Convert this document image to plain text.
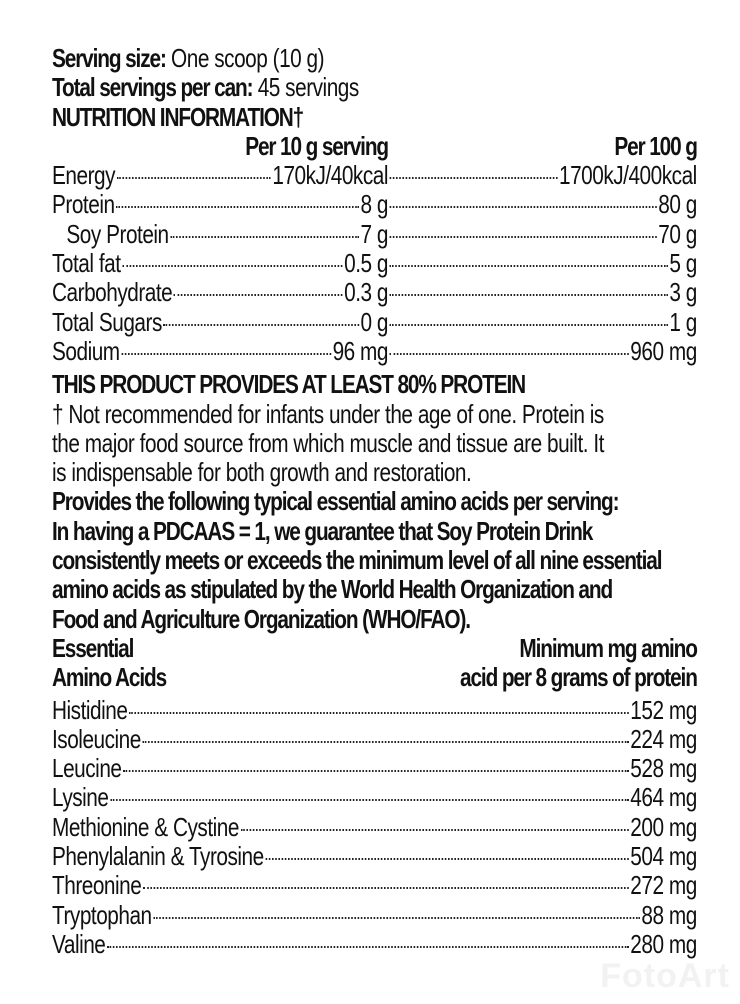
Serving size: One scoop (10 g)
Total servings per can: 45 servings
NUTRITION INFORMATION†
Per 10 g serving	Per 100 g
Energy	170kJ/40kcal	1700kJ/400kcal
Protein	8 g	80 g
Soy Protein	7 g	70 g
Total fat	0.5 g	5 g
Carbohydrate	0.3 g	3 g
Total Sugars	0 g	1 g
Sodium	96 mg	960 mg
THIS PRODUCT PROVIDES AT LEAST 80% PROTEIN
† Not recommended for infants under the age of one. Protein is
the major food source from which muscle and tissue are built. It
is indispensable for both growth and restoration.
Provides the following typical essential amino acids per serving:
In having a PDCAAS = 1, we guarantee that Soy Protein Drink
consistently meets or exceeds the minimum level of all nine essential
amino acids as stipulated by the World Health Organization and
Food and Agriculture Organization (WHO/FAO).
Essential	Minimum mg amino
Amino Acids	acid per 8 grams of protein
Histidine	152 mg
Isoleucine	224 mg
Leucine	528 mg
Lysine	464 mg
Methionine & Cystine	200 mg
Phenylalanin & Tyrosine	504 mg
Threonine	272 mg
Tryptophan	88 mg
Valine	280 mg
FotoArt
